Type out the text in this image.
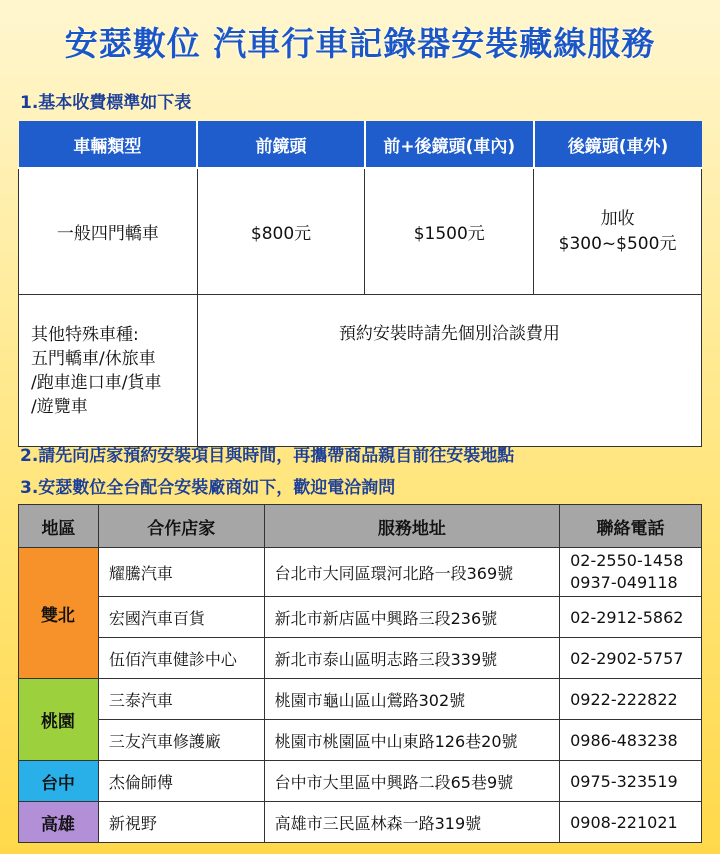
安瑟數位 汽車行車記錄器安裝藏線服務
1.基本收費標準如下表
車輛類型	前鏡頭	前+後鏡頭(車內)	後鏡頭(車外)
一般四門轎車	$800元	$1500元	加收
$300~$500元

其他特殊車種:
五門轎車/休旅車
/跑車進口車/貨車
/遊覽車	預約安裝時請先個別洽談費用		
2.請先向店家預約安裝項目與時間，再攜帶商品親自前往安裝地點
3.安瑟數位全台配合安裝廠商如下，歡迎電洽詢問
地區	合作店家	服務地址	聯絡電話
雙北	耀騰汽車	台北市大同區環河北路一段369號	02-2550-1458
0937-049118

	宏國汽車百貨	新北市新店區中興路三段236號	02-2912-5862
	伍佰汽車健診中心	新北市泰山區明志路三段339號	02-2902-5757
桃園	三泰汽車	桃園市龜山區山鶯路302號	0922-222822
	三友汽車修護廠	桃園市桃園區中山東路126巷20號	0986-483238
台中	杰倫師傅	台中市大里區中興路二段65巷9號	0975-323519
高雄	新視野	高雄市三民區林森一路319號	0908-221021
